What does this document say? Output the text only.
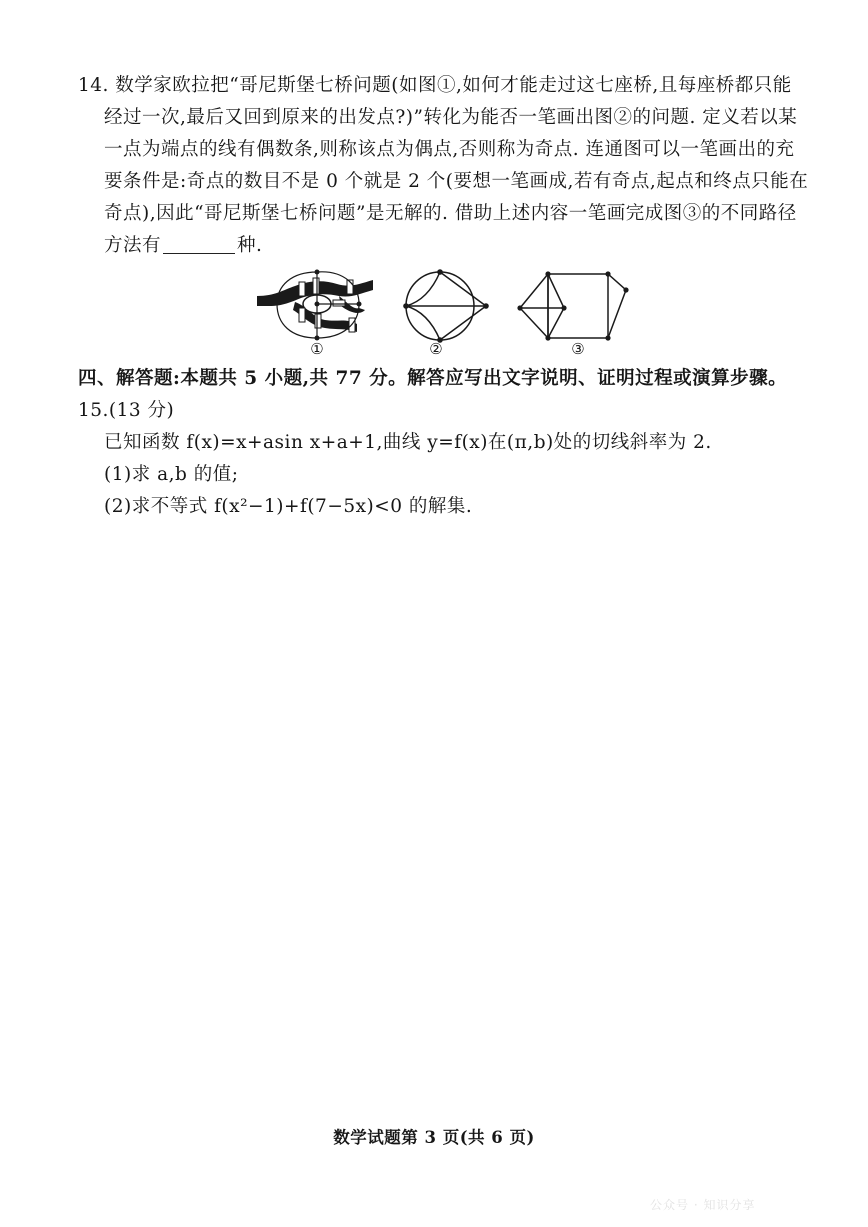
14. 数学家欧拉把“哥尼斯堡七桥问题(如图①,如何才能走过这七座桥,且每座桥都只能
经过一次,最后又回到原来的出发点?)”转化为能否一笔画出图②的问题. 定义若以某
一点为端点的线有偶数条,则称该点为偶点,否则称为奇点. 连通图可以一笔画出的充
要条件是:奇点的数目不是 0 个就是 2 个(要想一笔画成,若有奇点,起点和终点只能在
奇点),因此“哥尼斯堡七桥问题”是无解的. 借助上述内容一笔画完成图③的不同路径
方法有	种.
①	②	③
四、解答题:本题共 5 小题,共 77 分。解答应写出文字说明、证明过程或演算步骤。
15.(13 分)
已知函数 f(x)=x+asin x+a+1,曲线 y=f(x)在(π,b)处的切线斜率为 2.
(1)求 a,b 的值;
(2)求不等式 f(x²−1)+f(7−5x)<0 的解集.
数学试题第 3 页(共 6 页)
公众号 · 知识分享
